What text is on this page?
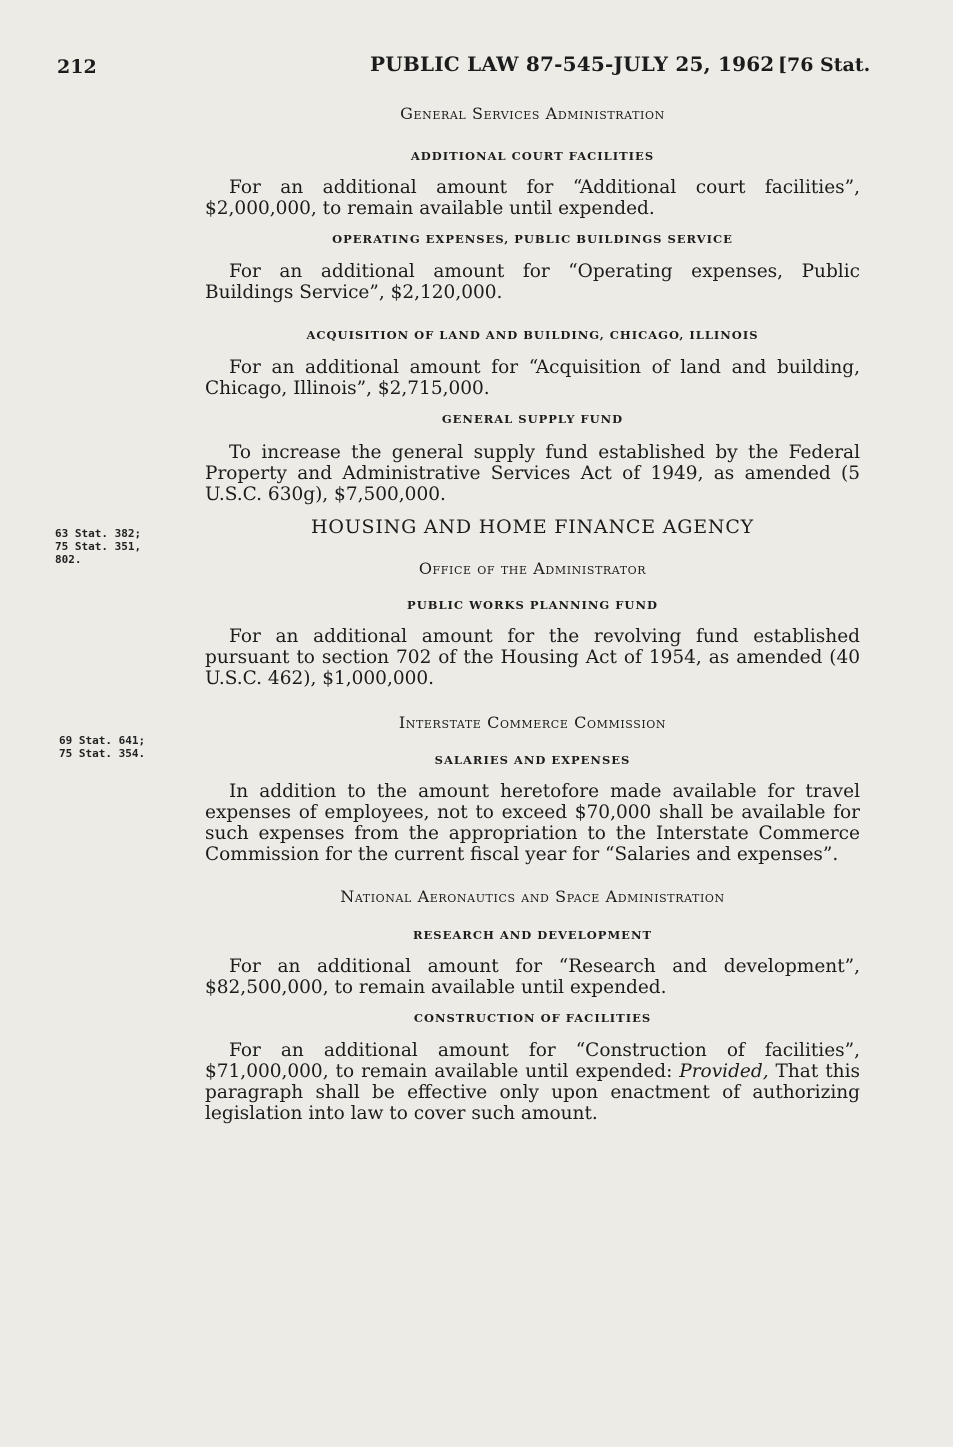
212	PUBLIC LAW 87-545-JULY 25, 1962 [76 Stat.
63 Stat. 382;
75 Stat. 351,
802.
69 Stat. 641;
75 Stat. 354.

General Services Administration

ADDITIONAL COURT FACILITIES

For an additional amount for “Additional court facilities”, $2,000,000, to remain available until expended.

OPERATING EXPENSES, PUBLIC BUILDINGS SERVICE

For an additional amount for “Operating expenses, Public Buildings Service”, $2,120,000.

ACQUISITION OF LAND AND BUILDING, CHICAGO, ILLINOIS

For an additional amount for “Acquisition of land and building, Chicago, Illinois”, $2,715,000.

GENERAL SUPPLY FUND

To increase the general supply fund established by the Federal Property and Administrative Services Act of 1949, as amended (5 U.S.C. 630g), $7,500,000.

HOUSING AND HOME FINANCE AGENCY

Office of the Administrator

PUBLIC WORKS PLANNING FUND

For an additional amount for the revolving fund established pursuant to section 702 of the Housing Act of 1954, as amended (40 U.S.C. 462), $1,000,000.

Interstate Commerce Commission

SALARIES AND EXPENSES

In addition to the amount heretofore made available for travel expenses of employees, not to exceed $70,000 shall be available for such expenses from the appropriation to the Interstate Commerce Commission for the current fiscal year for “Salaries and expenses”.

National Aeronautics and Space Administration

RESEARCH AND DEVELOPMENT

For an additional amount for “Research and development”, $82,500,000, to remain available until expended.

CONSTRUCTION OF FACILITIES

For an additional amount for “Construction of facilities”, $71,000,000, to remain available until expended: Provided, That this paragraph shall be effective only upon enactment of authorizing legislation into law to cover such amount.
